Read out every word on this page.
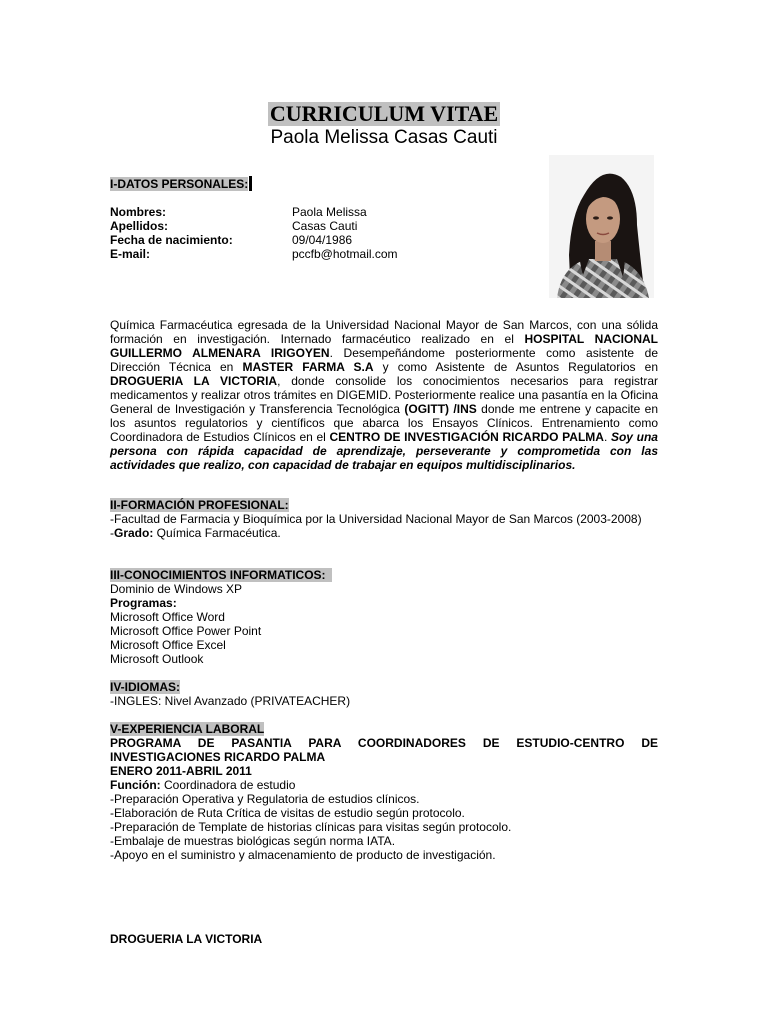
CURRICULUM VITAE
Paola Melissa Casas Cauti
I-DATOS PERSONALES:
Nombres:	Paola Melissa
Apellidos:	Casas Cauti
Fecha de nacimiento:	09/04/1986
E-mail:	pccfb@hotmail.com

Química Farmacéutica egresada de la Universidad Nacional Mayor de San Marcos, con una sólida formación en investigación. Internado farmacéutico realizado en el HOSPITAL NACIONAL GUILLERMO ALMENARA IRIGOYEN. Desempeñándome posteriormente como asistente de Dirección Técnica en MASTER FARMA S.A y como Asistente de Asuntos Regulatorios en DROGUERIA LA VICTORIA, donde consolide los conocimientos necesarios para registrar medicamentos y realizar otros trámites en DIGEMID. Posteriormente realice una pasantía en la Oficina General de Investigación y Transferencia Tecnológica (OGITT) /INS donde me entrene y capacite en los asuntos regulatorios y científicos que abarca los Ensayos Clínicos. Entrenamiento como Coordinadora de Estudios Clínicos en el CENTRO DE INVESTIGACIÓN RICARDO PALMA. Soy una persona con rápida capacidad de aprendizaje, perseverante y comprometida con las actividades que realizo, con capacidad de trabajar en equipos multidisciplinarios.

II-FORMACIÓN PROFESIONAL:

-Facultad de Farmacia y Bioquímica por la Universidad Nacional Mayor de San Marcos (2003-2008)

-Grado: Química Farmacéutica.

III-CONOCIMIENTOS INFORMATICOS:

Dominio de Windows XP

Programas:

Microsoft Office Word

Microsoft Office Power Point

Microsoft Office Excel

Microsoft Outlook

IV-IDIOMAS:

-INGLES: Nivel Avanzado (PRIVATEACHER)

V-EXPERIENCIA LABORAL

PROGRAMA DE PASANTIA PARA COORDINADORES DE ESTUDIO-CENTRO DE INVESTIGACIONES RICARDO PALMA

ENERO 2011-ABRIL 2011

Función: Coordinadora de estudio

-Preparación Operativa y Regulatoria de estudios clínicos.

-Elaboración de Ruta Crítica de visitas de estudio según protocolo.

-Preparación de Template de historias clínicas para visitas según protocolo.

-Embalaje de muestras biológicas según norma IATA.

-Apoyo en el suministro y almacenamiento de producto de investigación.

DROGUERIA LA VICTORIA
